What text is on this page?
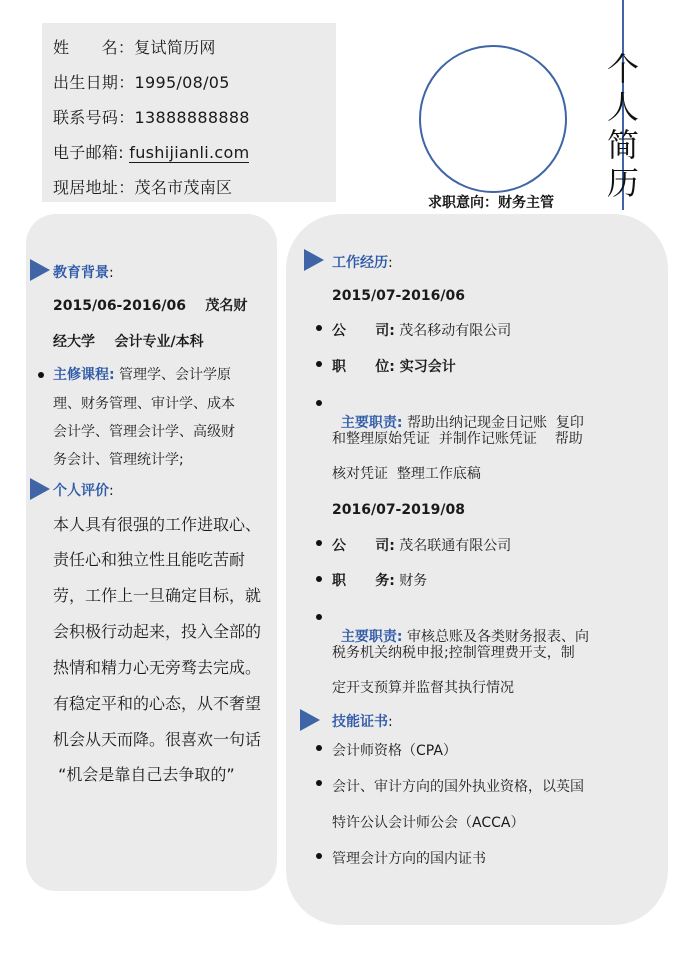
姓      名：复试简历网
出生日期：1995/08/05
联系号码：13888888888
电子邮箱: fushijianli.com
现居地址：茂名市茂南区
个
人
简
历
求职意向：财务主管
教育背景:
2015/06-2016/06    茂名财
经大学    会计专业/本科
主修课程: 管理学、会计学原
理、财务管理、审计学、成本
会计学、管理会计学、高级财
务会计、管理统计学;
个人评价:
本人具有很强的工作进取心、
责任心和独立性且能吃苦耐
劳，工作上一旦确定目标，就
会积极行动起来，投入全部的
热情和精力心无旁骛去完成。
有稳定平和的心态，从不奢望
机会从天而降。很喜欢一句话
“机会是靠自己去争取的”
工作经历:
2015/07-2016/06
公      司: 茂名移动有限公司
职      位: 实习会计

主要职责: 帮助出纳记现金日记账  复印

和整理原始凭证  并制作记账凭证    帮助
核对凭证  整理工作底稿
2016/07-2019/08
公      司: 茂名联通有限公司
职      务: 财务

主要职责: 审核总账及各类财务报表、向

税务机关纳税申报;控制管理费开支，制
定开支预算并监督其执行情况
技能证书:
会计师资格（CPA）
会计、审计方向的国外执业资格，以英国
特许公认会计师公会（ACCA）
管理会计方向的国内证书
